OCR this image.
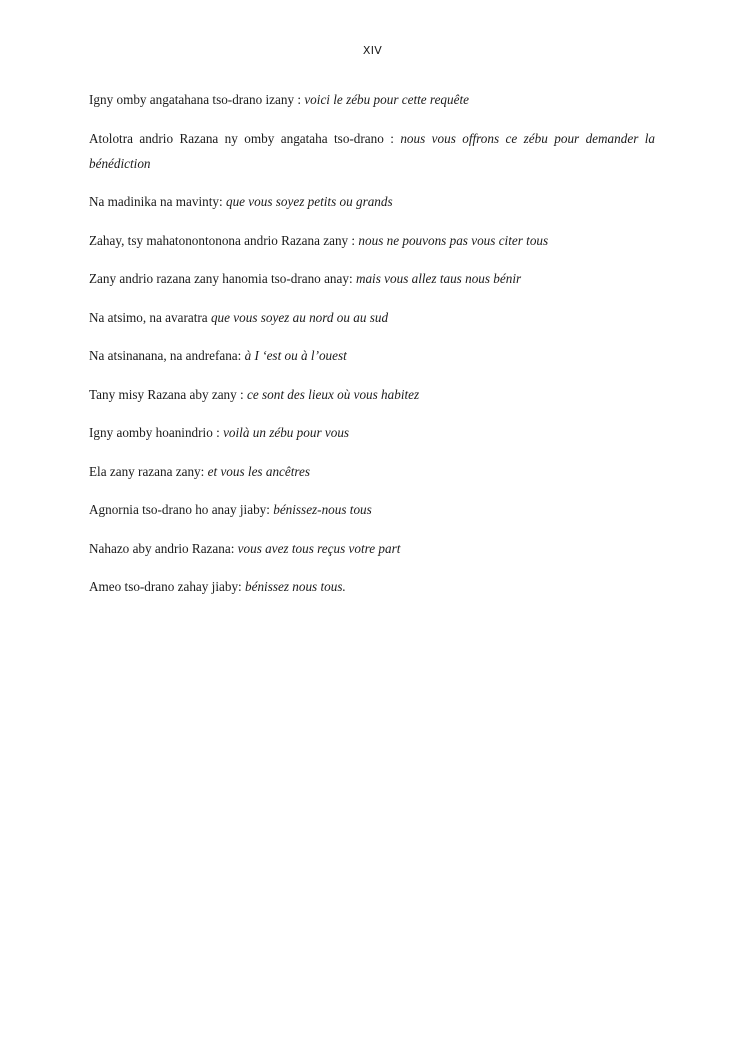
XIV

Igny omby angatahana tso-drano izany : voici le zébu pour cette requête

Atolotra andrio Razana ny omby angataha tso-drano : nous vous offrons ce zébu pour demander la bénédiction

Na madinika na mavinty: que vous soyez petits ou grands

Zahay, tsy mahatonontonona andrio Razana zany : nous ne pouvons pas vous citer tous

Zany andrio razana zany hanomia tso-drano anay: mais vous allez taus nous bénir

Na atsimo, na avaratra que vous soyez au nord ou au sud

Na atsinanana, na andrefana: à I ‘est ou à l’ouest

Tany misy Razana aby zany : ce sont des lieux où vous habitez

Igny aomby hoanindrio : voilà un zébu pour vous

Ela zany razana zany: et vous les ancêtres

Agnornia tso-drano ho anay jiaby: bénissez-nous tous

Nahazo aby andrio Razana: vous avez tous reçus votre part

Ameo tso-drano zahay jiaby: bénissez nous tous.
